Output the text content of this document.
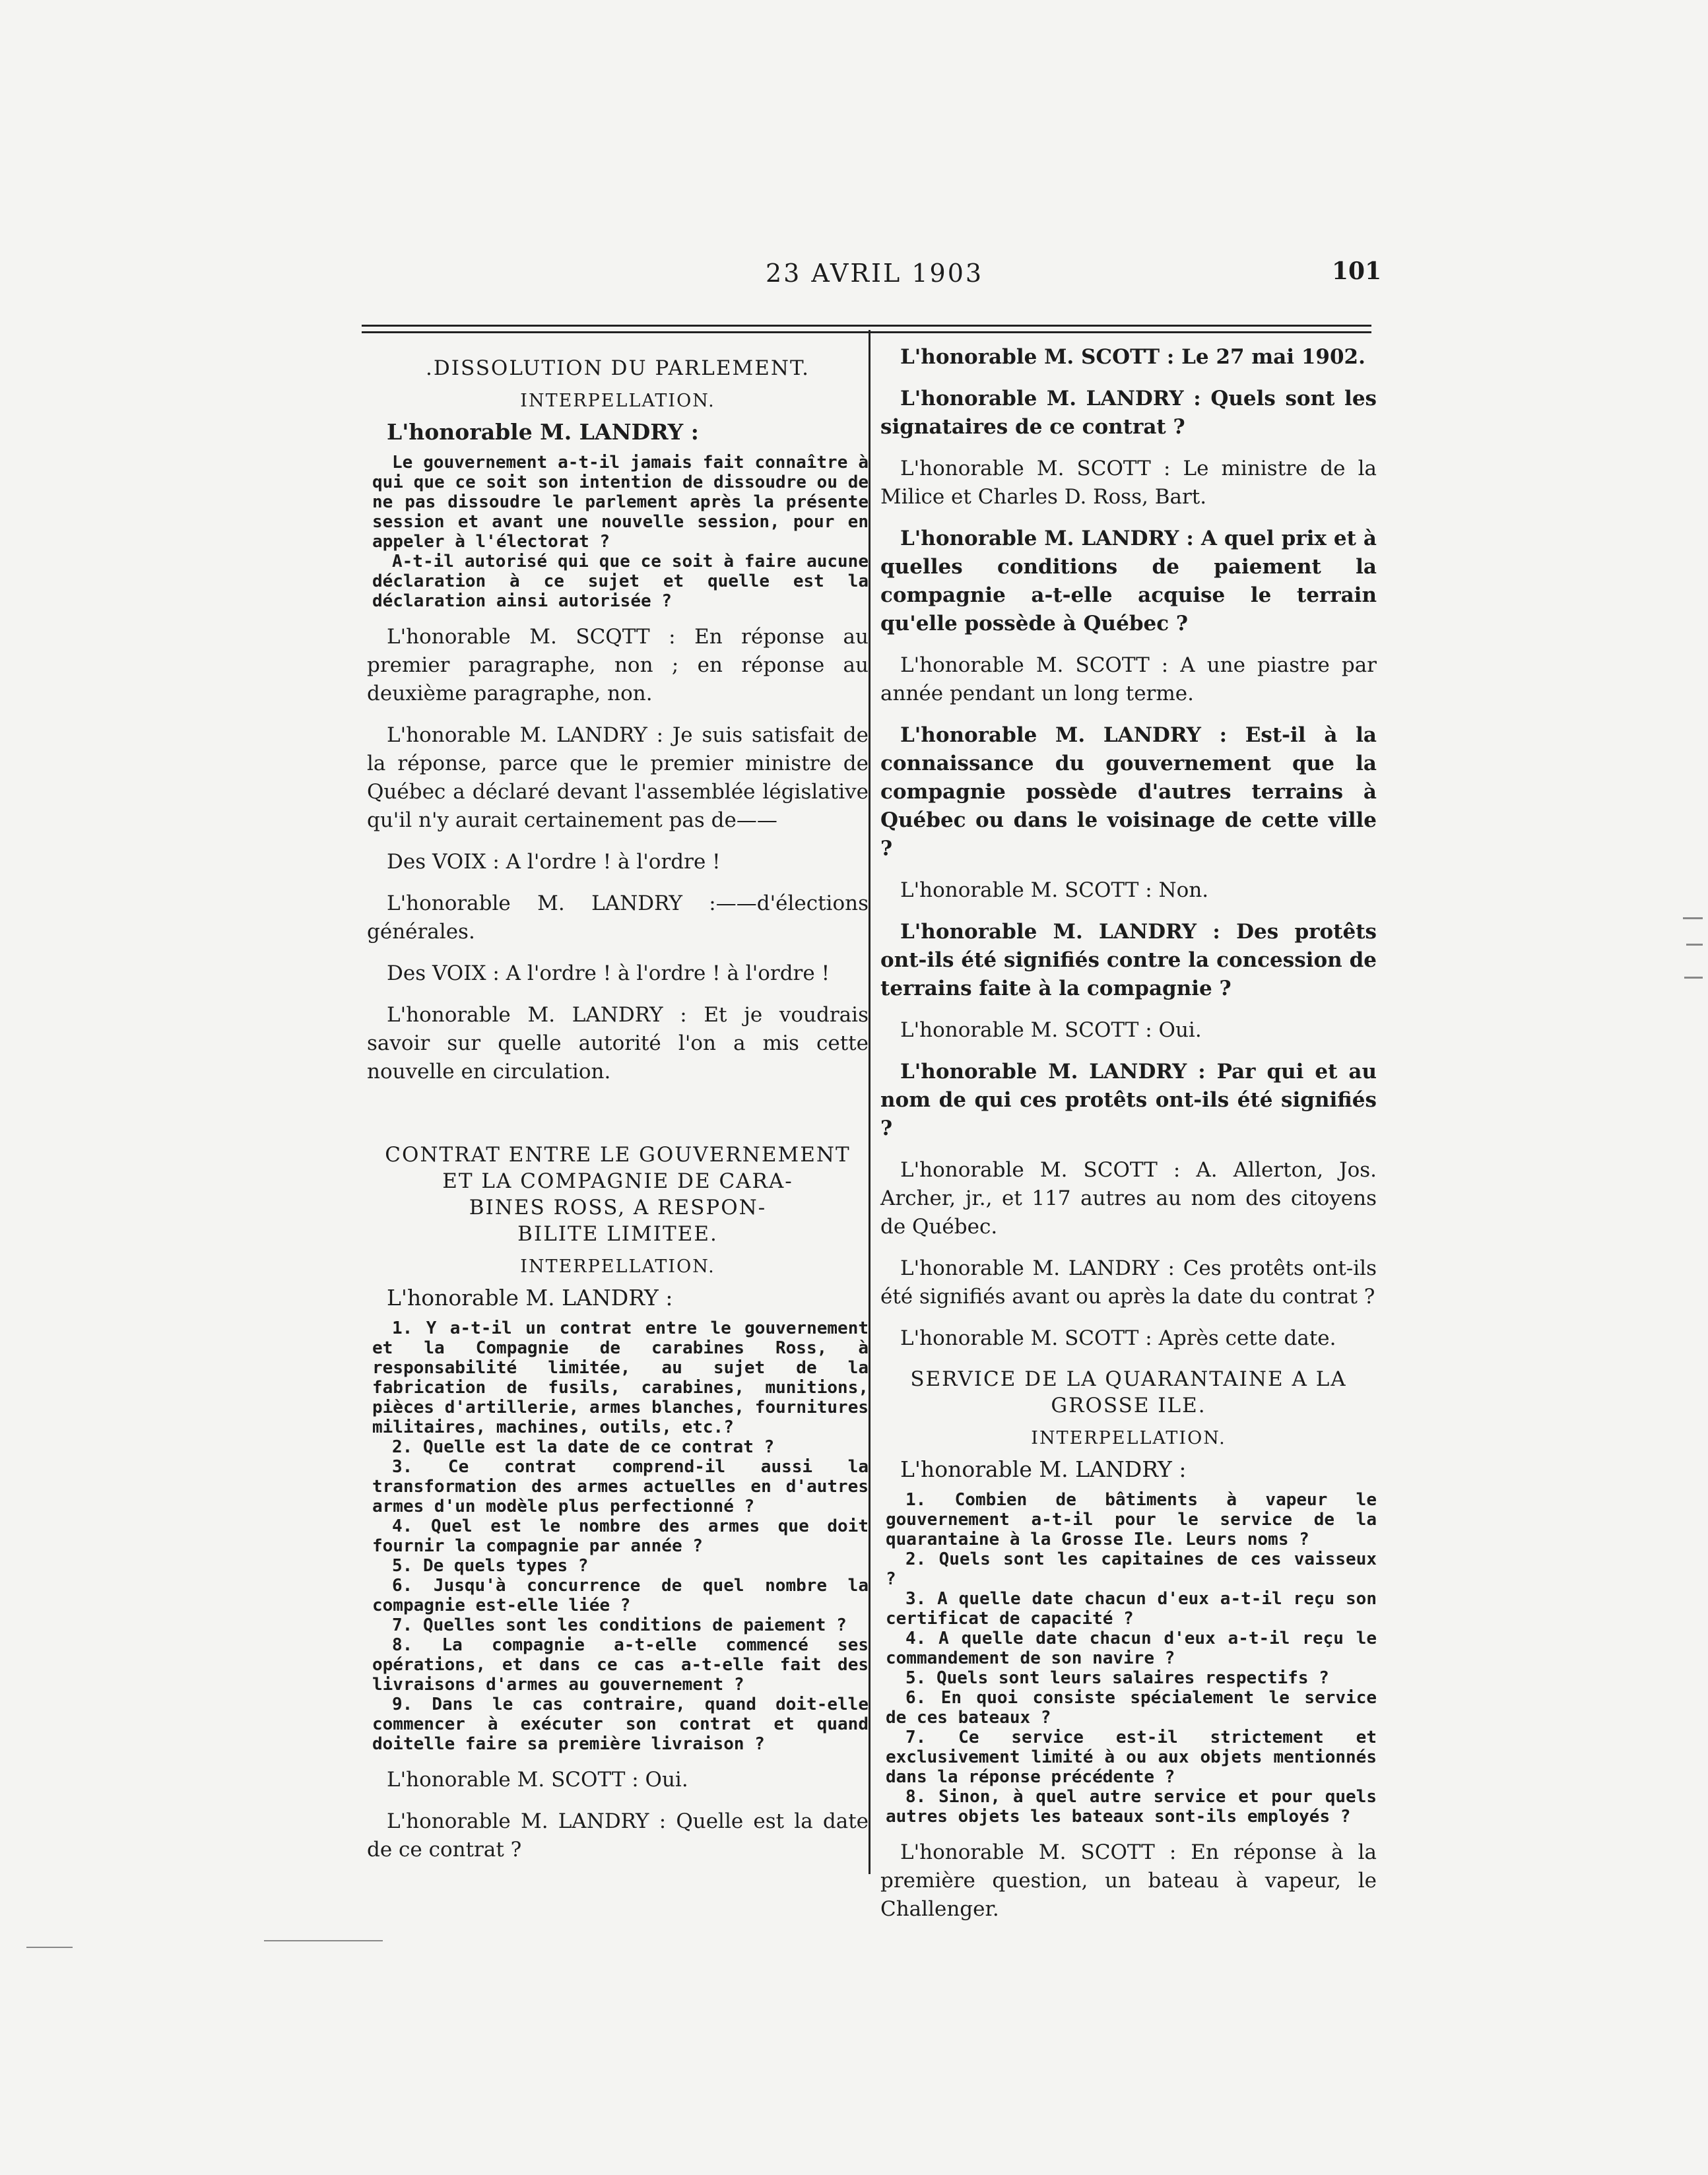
23 AVRIL 1903	101
.DISSOLUTION DU PARLEMENT.
INTERPELLATION.
L'honorable M. LANDRY :

Le gouvernement a-t-il jamais fait connaître à qui que ce soit son intention de dissoudre ou de ne pas dissoudre le parlement après la présente session et avant une nouvelle session, pour en appeler à l'électorat ?

A-t-il autorisé qui que ce soit à faire aucune déclaration à ce sujet et quelle est la déclaration ainsi autorisée ?

L'honorable M. SCQTT : En réponse au premier paragraphe, non ; en réponse au deuxième paragraphe, non.

L'honorable M. LANDRY : Je suis satisfait de la réponse, parce que le premier ministre de Québec a déclaré devant l'assemblée législative qu'il n'y aurait certainement pas de——

Des VOIX : A l'ordre ! à l'ordre !

L'honorable M. LANDRY :——d'élections générales.

Des VOIX : A l'ordre ! à l'ordre ! à l'ordre !

L'honorable M. LANDRY : Et je voudrais savoir sur quelle autorité l'on a mis cette nouvelle en circulation.

CONTRAT ENTRE LE GOUVERNEMENT
ET LA COMPAGNIE DE CARA-
BINES ROSS, A RESPON-
BILITE LIMITEE.
INTERPELLATION.
L'honorable M. LANDRY :

1. Y a-t-il un contrat entre le gouvernement et la Compagnie de carabines Ross, à responsabilité limitée, au sujet de la fabrication de fusils, carabines, munitions, pièces d'artillerie, armes blanches, fournitures militaires, machines, outils, etc.?

2. Quelle est la date de ce contrat ?

3. Ce contrat comprend-il aussi la transformation des armes actuelles en d'autres armes d'un modèle plus perfectionné ?

4. Quel est le nombre des armes que doit fournir la compagnie par année ?

5. De quels types ?

6. Jusqu'à concurrence de quel nombre la compagnie est-elle liée ?

7. Quelles sont les conditions de paiement ?

8. La compagnie a-t-elle commencé ses opérations, et dans ce cas a-t-elle fait des livraisons d'armes au gouvernement ?

9. Dans le cas contraire, quand doit-elle commencer à exécuter son contrat et quand doitelle faire sa première livraison ?

L'honorable M. SCOTT : Oui.

L'honorable M. LANDRY : Quelle est la date de ce contrat ?

L'honorable M. SCOTT : Le 27 mai 1902.

L'honorable M. LANDRY : Quels sont les signataires de ce contrat ?

L'honorable M. SCOTT : Le ministre de la Milice et Charles D. Ross, Bart.

L'honorable M. LANDRY : A quel prix et à quelles conditions de paiement la compagnie a-t-elle acquise le terrain qu'elle possède à Québec ?

L'honorable M. SCOTT : A une piastre par année pendant un long terme.

L'honorable M. LANDRY : Est-il à la connaissance du gouvernement que la compagnie possède d'autres terrains à Québec ou dans le voisinage de cette ville ?

L'honorable M. SCOTT : Non.

L'honorable M. LANDRY : Des protêts ont-ils été signifiés contre la concession de terrains faite à la compagnie ?

L'honorable M. SCOTT : Oui.

L'honorable M. LANDRY : Par qui et au nom de qui ces protêts ont-ils été signifiés ?

L'honorable M. SCOTT : A. Allerton, Jos. Archer, jr., et 117 autres au nom des citoyens de Québec.

L'honorable M. LANDRY : Ces protêts ont-ils été signifiés avant ou après la date du contrat ?

L'honorable M. SCOTT : Après cette date.

SERVICE DE LA QUARANTAINE A LA
GROSSE ILE.
INTERPELLATION.
L'honorable M. LANDRY :

1. Combien de bâtiments à vapeur le gouvernement a-t-il pour le service de la quarantaine à la Grosse Ile. Leurs noms ?

2. Quels sont les capitaines de ces vaisseux ?

3. A quelle date chacun d'eux a-t-il reçu son certificat de capacité ?

4. A quelle date chacun d'eux a-t-il reçu le commandement de son navire ?

5. Quels sont leurs salaires respectifs ?

6. En quoi consiste spécialement le service de ces bateaux ?

7. Ce service est-il strictement et exclusivement limité à ou aux objets mentionnés dans la réponse précédente ?

8. Sinon, à quel autre service et pour quels autres objets les bateaux sont-ils employés ?

L'honorable M. SCOTT : En réponse à la première question, un bateau à vapeur, le Challenger.
